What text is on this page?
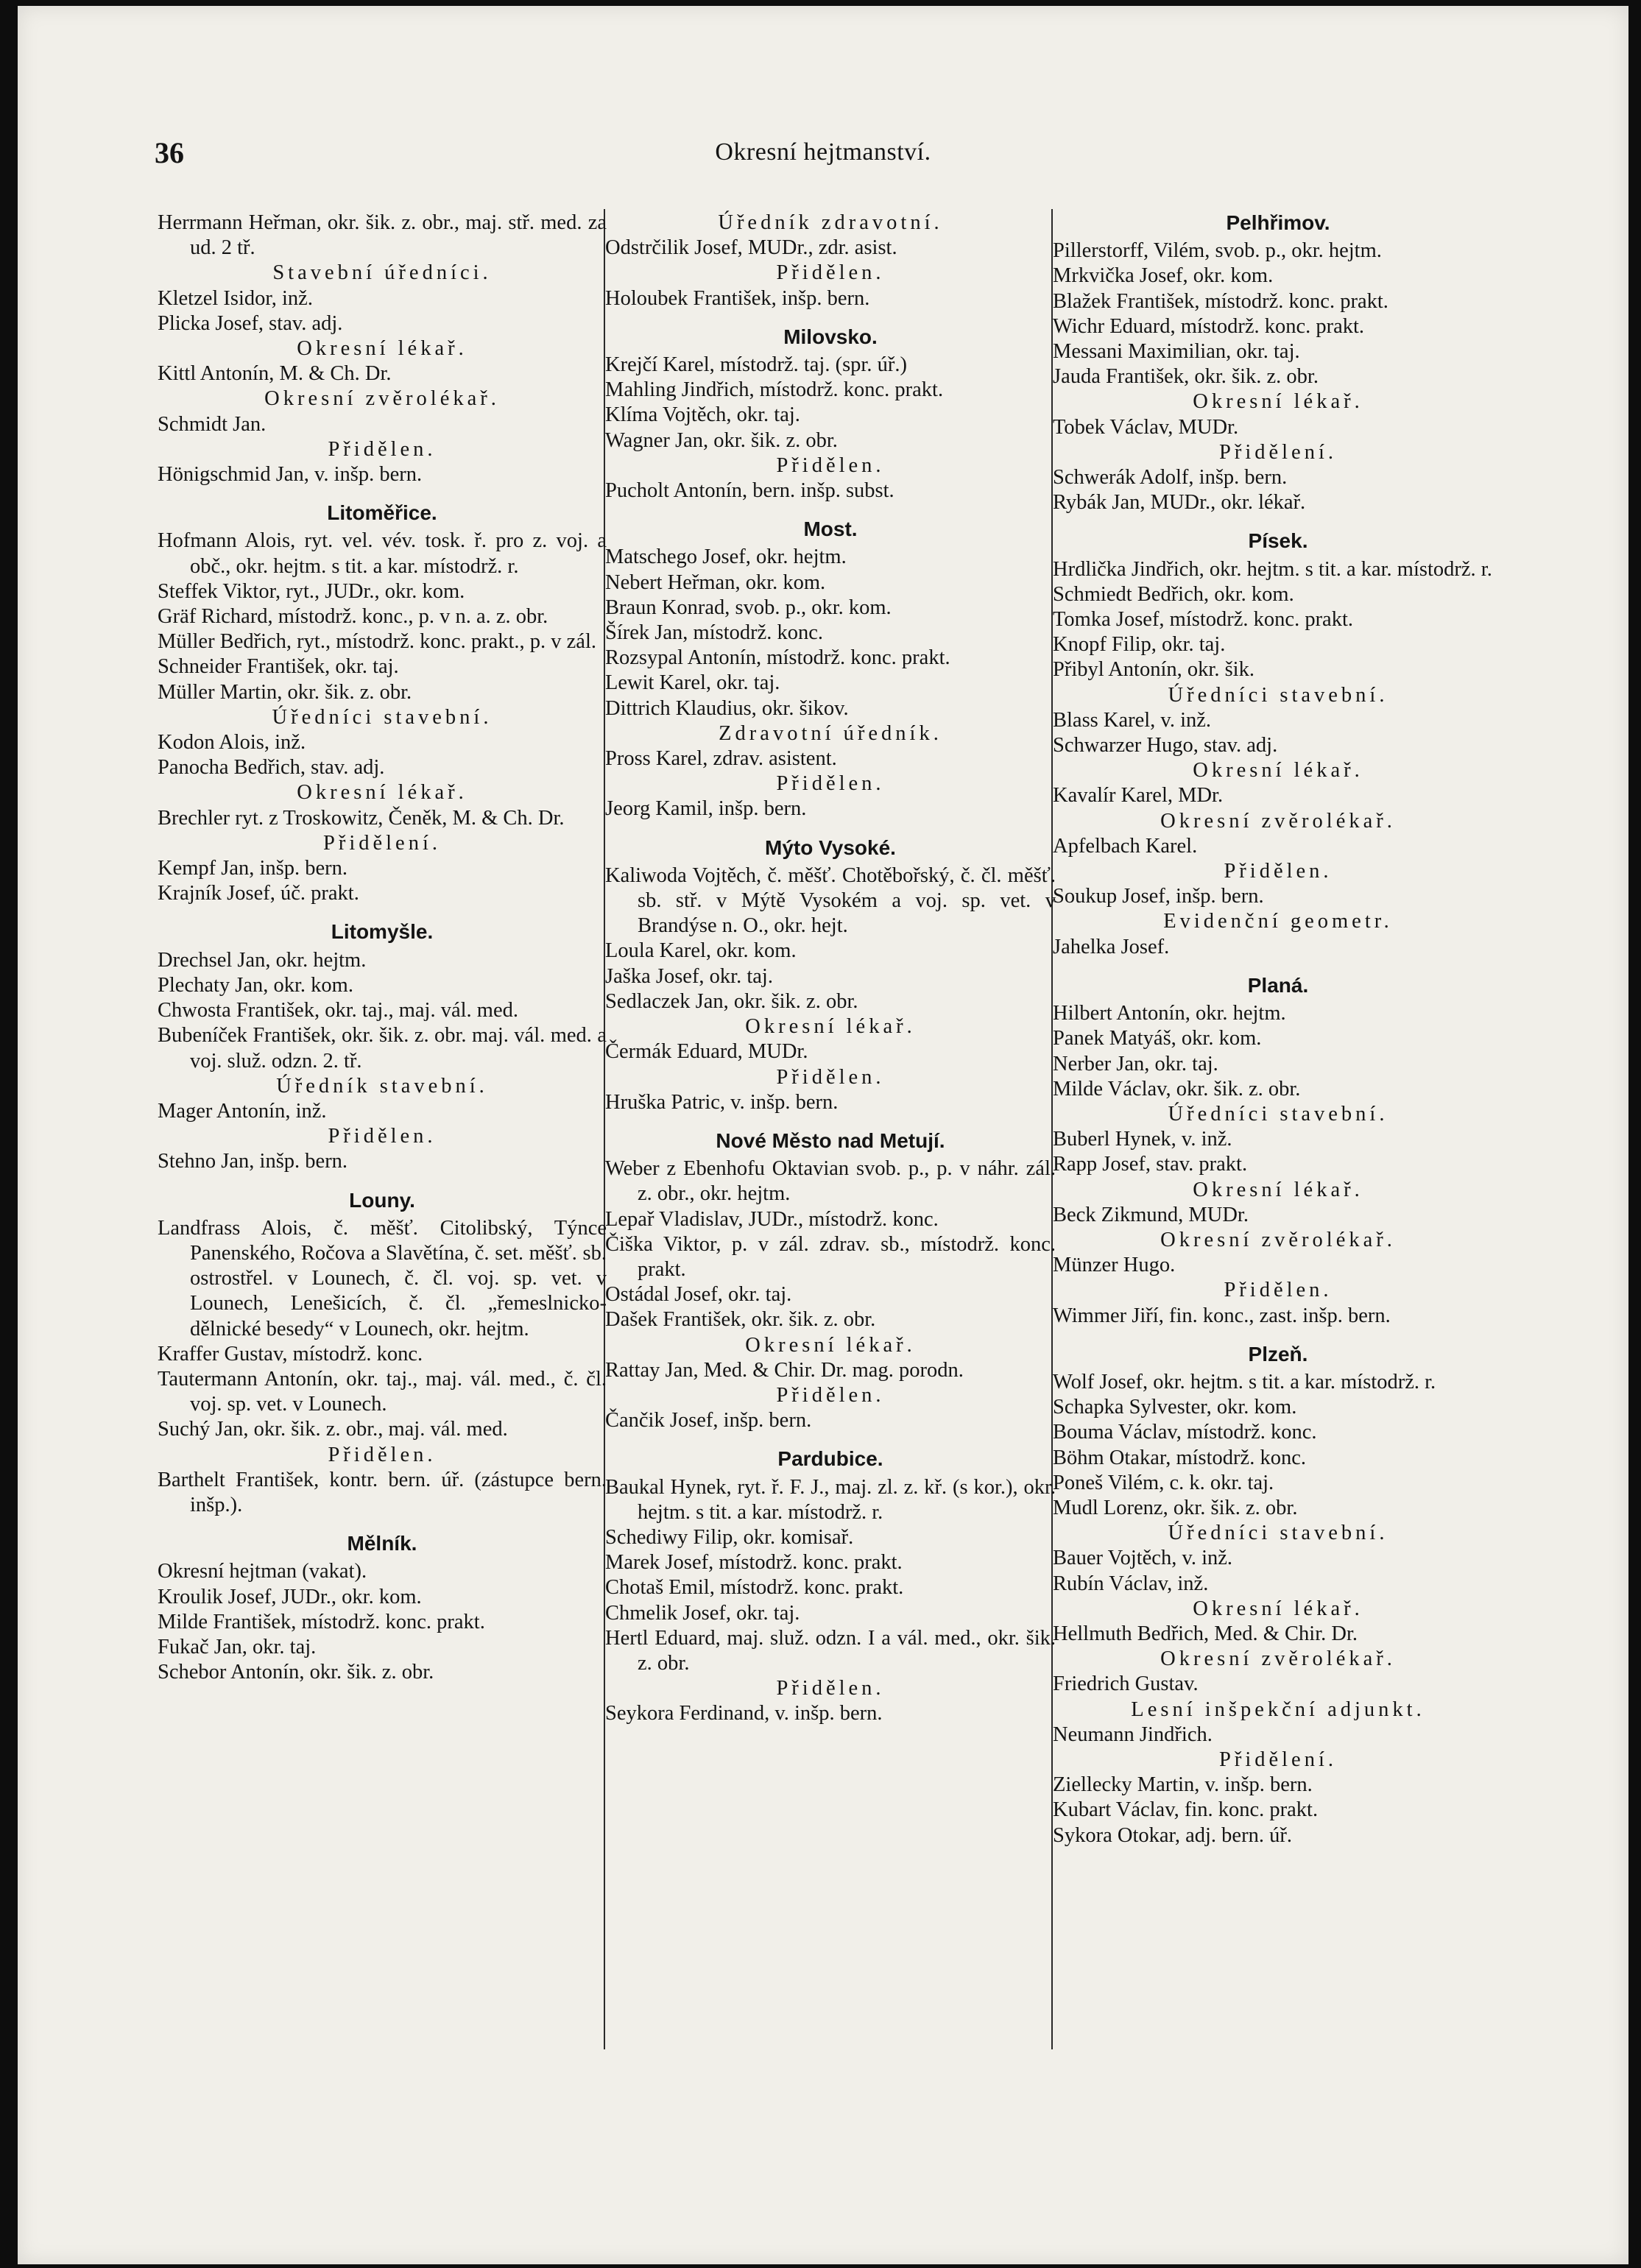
36	Okresní hejtmanství.

Herrmann Heřman, okr. šik. z. obr., maj. stř. med. za ud. 2 tř.

Stavební úředníci.

Kletzel Isidor, inž.

Plicka Josef, stav. adj.

Okresní lékař.

Kittl Antonín, M. & Ch. Dr.

Okresní zvěrolékař.

Schmidt Jan.

Přidělen.

Hönigschmid Jan, v. inšp. bern.

Litoměřice.

Hofmann Alois, ryt. vel. vév. tosk. ř. pro z. voj. a obč., okr. hejtm. s tit. a kar. místodrž. r.

Steffek Viktor, ryt., JUDr., okr. kom.

Gräf Richard, místodrž. konc., p. v n. a. z. obr.

Müller Bedřich, ryt., místodrž. konc. prakt., p. v zál.

Schneider František, okr. taj.

Müller Martin, okr. šik. z. obr.

Úředníci stavební.

Kodon Alois, inž.

Panocha Bedřich, stav. adj.

Okresní lékař.

Brechler ryt. z Troskowitz, Čeněk, M. & Ch. Dr.

Přidělení.

Kempf Jan, inšp. bern.

Krajník Josef, úč. prakt.

Litomyšle.

Drechsel Jan, okr. hejtm.

Plechaty Jan, okr. kom.

Chwosta František, okr. taj., maj. vál. med.

Bubeníček František, okr. šik. z. obr. maj. vál. med. a voj. služ. odzn. 2. tř.

Úředník stavební.

Mager Antonín, inž.

Přidělen.

Stehno Jan, inšp. bern.

Louny.

Landfrass Alois, č. měšť. Citolibský, Týnce Panenského, Ročova a Slavětína, č. set. měšť. sb. ostrostřel. v Lounech, č. čl. voj. sp. vet. v Lounech, Lenešicích, č. čl. „řemeslnicko-dělnické besedy“ v Lounech, okr. hejtm.

Kraffer Gustav, místodrž. konc.

Tautermann Antonín, okr. taj., maj. vál. med., č. čl. voj. sp. vet. v Lounech.

Suchý Jan, okr. šik. z. obr., maj. vál. med.

Přidělen.

Barthelt František, kontr. bern. úř. (zástupce bern. inšp.).

Mělník.

Okresní hejtman (vakat).

Kroulik Josef, JUDr., okr. kom.

Milde František, místodrž. konc. prakt.

Fukač Jan, okr. taj.

Schebor Antonín, okr. šik. z. obr.

Úředník zdravotní.

Odstrčilik Josef, MUDr., zdr. asist.

Přidělen.

Holoubek František, inšp. bern.

Milovsko.

Krejčí Karel, místodrž. taj. (spr. úř.)

Mahling Jindřich, místodrž. konc. prakt.

Klíma Vojtěch, okr. taj.

Wagner Jan, okr. šik. z. obr.

Přidělen.

Pucholt Antonín, bern. inšp. subst.

Most.

Matschego Josef, okr. hejtm.

Nebert Heřman, okr. kom.

Braun Konrad, svob. p., okr. kom.

Šírek Jan, místodrž. konc.

Rozsypal Antonín, místodrž. konc. prakt.

Lewit Karel, okr. taj.

Dittrich Klaudius, okr. šikov.

Zdravotní úředník.

Pross Karel, zdrav. asistent.

Přidělen.

Jeorg Kamil, inšp. bern.

Mýto Vysoké.

Kaliwoda Vojtěch, č. měšť. Chotěbořský, č. čl. měšť. sb. stř. v Mýtě Vysokém a voj. sp. vet. v Brandýse n. O., okr. hejt.

Loula Karel, okr. kom.

Jaška Josef, okr. taj.

Sedlaczek Jan, okr. šik. z. obr.

Okresní lékař.

Čermák Eduard, MUDr.

Přidělen.

Hruška Patric, v. inšp. bern.

Nové Město nad Metují.

Weber z Ebenhofu Oktavian svob. p., p. v náhr. zál. z. obr., okr. hejtm.

Lepař Vladislav, JUDr., místodrž. konc.

Čiška Viktor, p. v zál. zdrav. sb., místodrž. konc. prakt.

Ostádal Josef, okr. taj.

Dašek František, okr. šik. z. obr.

Okresní lékař.

Rattay Jan, Med. & Chir. Dr. mag. porodn.

Přidělen.

Čančik Josef, inšp. bern.

Pardubice.

Baukal Hynek, ryt. ř. F. J., maj. zl. z. kř. (s kor.), okr. hejtm. s tit. a kar. místodrž. r.

Schediwy Filip, okr. komisař.

Marek Josef, místodrž. konc. prakt.

Chotaš Emil, místodrž. konc. prakt.

Chmelik Josef, okr. taj.

Hertl Eduard, maj. služ. odzn. I a vál. med., okr. šik. z. obr.

Přidělen.

Seykora Ferdinand, v. inšp. bern.

Pelhřimov.

Pillerstorff, Vilém, svob. p., okr. hejtm.

Mrkvička Josef, okr. kom.

Blažek František, místodrž. konc. prakt.

Wichr Eduard, místodrž. konc. prakt.

Messani Maximilian, okr. taj.

Jauda František, okr. šik. z. obr.

Okresní lékař.

Tobek Václav, MUDr.

Přidělení.

Schwerák Adolf, inšp. bern.

Rybák Jan, MUDr., okr. lékař.

Písek.

Hrdlička Jindřich, okr. hejtm. s tit. a kar. místodrž. r.

Schmiedt Bedřich, okr. kom.

Tomka Josef, místodrž. konc. prakt.

Knopf Filip, okr. taj.

Přibyl Antonín, okr. šik.

Úředníci stavební.

Blass Karel, v. inž.

Schwarzer Hugo, stav. adj.

Okresní lékař.

Kavalír Karel, MDr.

Okresní zvěrolékař.

Apfelbach Karel.

Přidělen.

Soukup Josef, inšp. bern.

Evidenční geometr.

Jahelka Josef.

Planá.

Hilbert Antonín, okr. hejtm.

Panek Matyáš, okr. kom.

Nerber Jan, okr. taj.

Milde Václav, okr. šik. z. obr.

Úředníci stavební.

Buberl Hynek, v. inž.

Rapp Josef, stav. prakt.

Okresní lékař.

Beck Zikmund, MUDr.

Okresní zvěrolékař.

Münzer Hugo.

Přidělen.

Wimmer Jiří, fin. konc., zast. inšp. bern.

Plzeň.

Wolf Josef, okr. hejtm. s tit. a kar. místodrž. r.

Schapka Sylvester, okr. kom.

Bouma Václav, místodrž. konc.

Böhm Otakar, místodrž. konc.

Poneš Vilém, c. k. okr. taj.

Mudl Lorenz, okr. šik. z. obr.

Úředníci stavební.

Bauer Vojtěch, v. inž.

Rubín Václav, inž.

Okresní lékař.

Hellmuth Bedřich, Med. & Chir. Dr.

Okresní zvěrolékař.

Friedrich Gustav.

Lesní inšpekční adjunkt.

Neumann Jindřich.

Přidělení.

Ziellecky Martin, v. inšp. bern.

Kubart Václav, fin. konc. prakt.

Sykora Otokar, adj. bern. úř.
